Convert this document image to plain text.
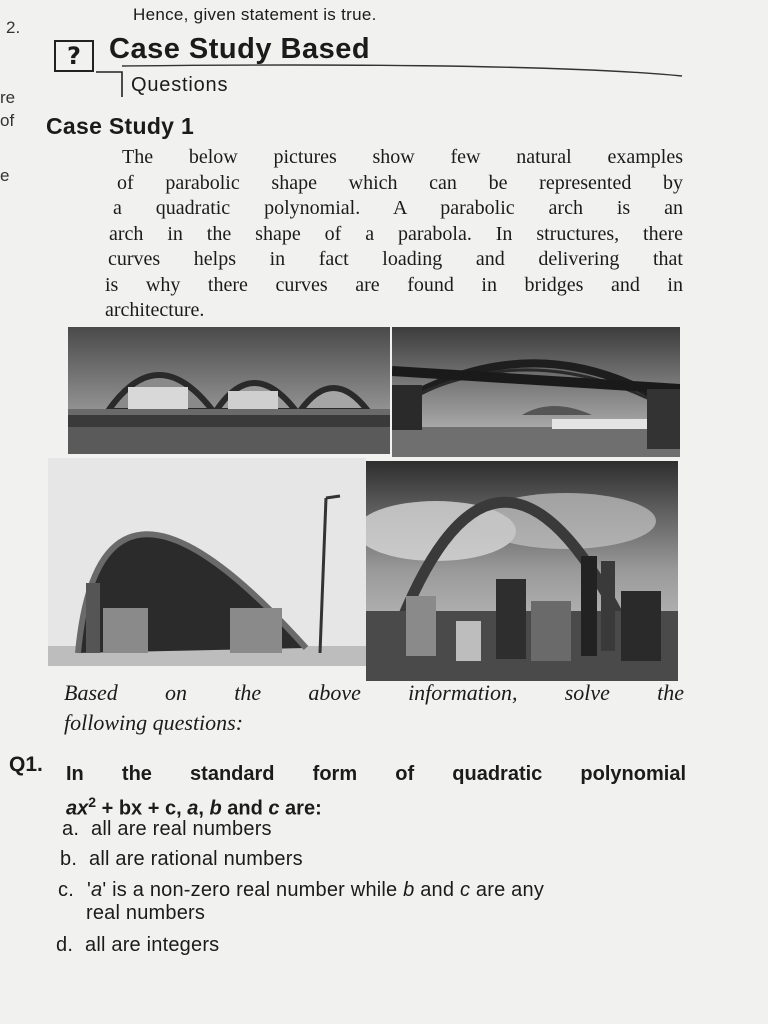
2.
re
of
e
Hence, given statement is true.
? Case Study Based
Questions
Case Study 1
The below pictures show few natural examples
of parabolic shape which can be represented by
a quadratic polynomial. A parabolic arch is an
arch in the shape of a parabola. In structures, there
curves helps in fact loading and delivering that
is why there curves are found in bridges and in
architecture.
Based on the above information, solve the
following questions:
Q1. In the standard form of quadratic polynomial
$ax^2$ + bx + c, a, b and c are:
a. all are real numbers
b. all are rational numbers
c. 'a' is a non-zero real number while b and c are any
real numbers
d. all are integers
